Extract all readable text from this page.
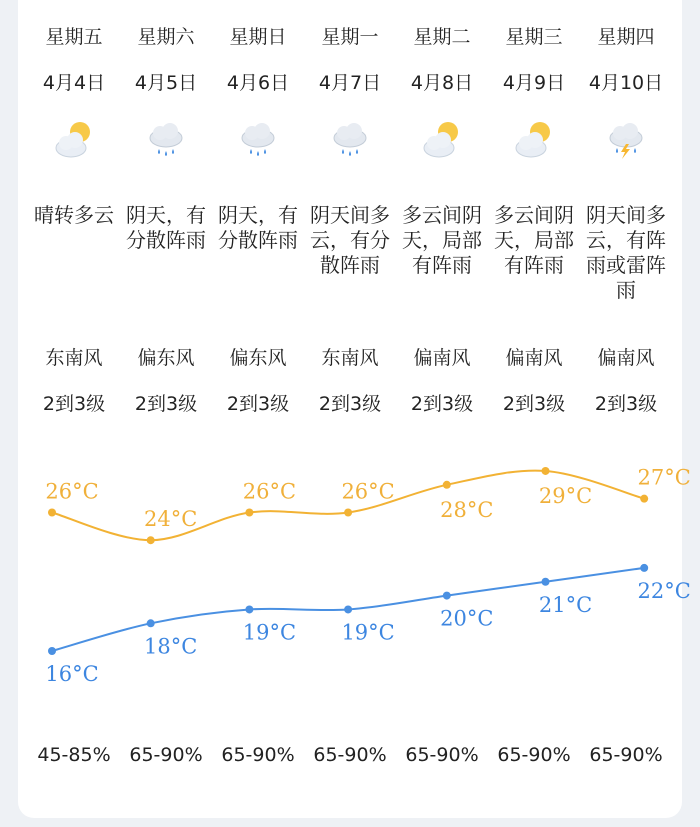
星期五
4月4日
晴转多云
东南风
2到3级
45-85%
星期六
4月5日
阴天，有分散阵雨
偏东风
2到3级
65-90%
星期日
4月6日
阴天，有分散阵雨
偏东风
2到3级
65-90%
星期一
4月7日
阴天间多云，有分散阵雨
东南风
2到3级
65-90%
星期二
4月8日
多云间阴天，局部有阵雨
偏南风
2到3级
65-90%
星期三
4月9日
多云间阴天，局部有阵雨
偏南风
2到3级
65-90%
星期四
4月10日
阴天间多云，有阵雨或雷阵雨
偏南风
2到3级
65-90%
26°C
24°C
26°C 26°C
28°C
29°C
27°C
16°C
18°C
19°C 19°C
20°C
21°C
22°C
